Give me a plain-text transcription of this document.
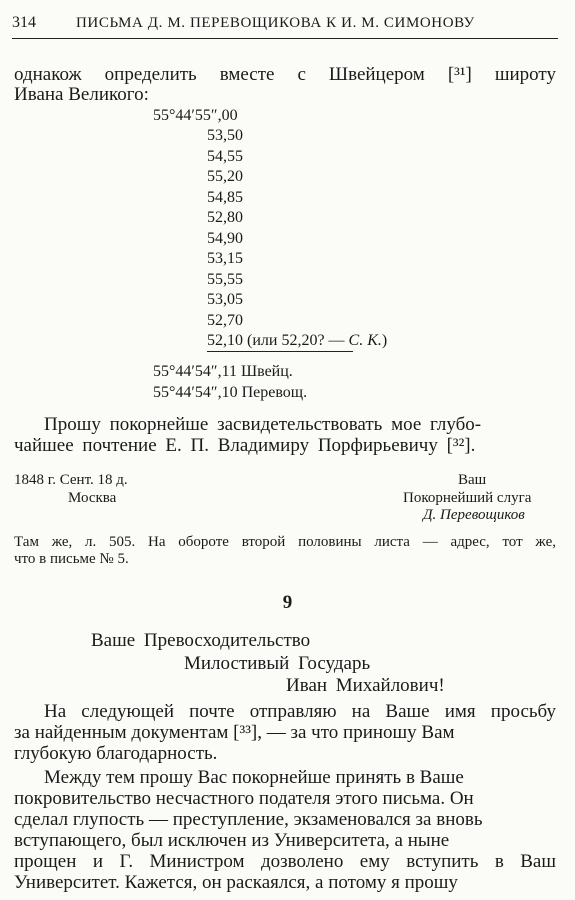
314	ПИСЬМА Д. М. ПЕРЕВОЩИКОВА К И. М. СИМОНОВУ
однакож определить вместе с Швейцером [³¹] широту
Ивана Великого:
55°44′55″,00
53,50
54,55
55,20
54,85
52,80
54,90
53,15
55,55
53,05
52,70
52,10 (или 52,20? — С. К.)
55°44′54″,11 Швейц.
55°44′54″,10 Перевощ.
Прошу покорнейше засвидетельствовать мое глубо-
чайшее почтение Е. П. Владимиру Порфирьевичу [³²].
1848 г. Сент. 18 д.
Москва
Ваш
Покорнейший слуга
Д. Перевощиков
Там же, л. 505. На обороте второй половины листа — адрес, тот же,
что в письме № 5.
9
Ваше Превосходительство
Милостивый Государь
Иван Михайлович!
На следующей почте отправляю на Ваше имя просьбу
за найденным документам [³³], — за что приношу Вам
глубокую благодарность.
Между тем прошу Вас покорнейше принять в Ваше
покровительство несчастного подателя этого письма. Он
сделал глупость — преступление, экзаменовался за вновь
вступающего, был исключен из Университета, а ныне
прощен и Г. Министром дозволено ему вступить в Ваш
Университет. Кажется, он раскаялся, а потому я прошу
